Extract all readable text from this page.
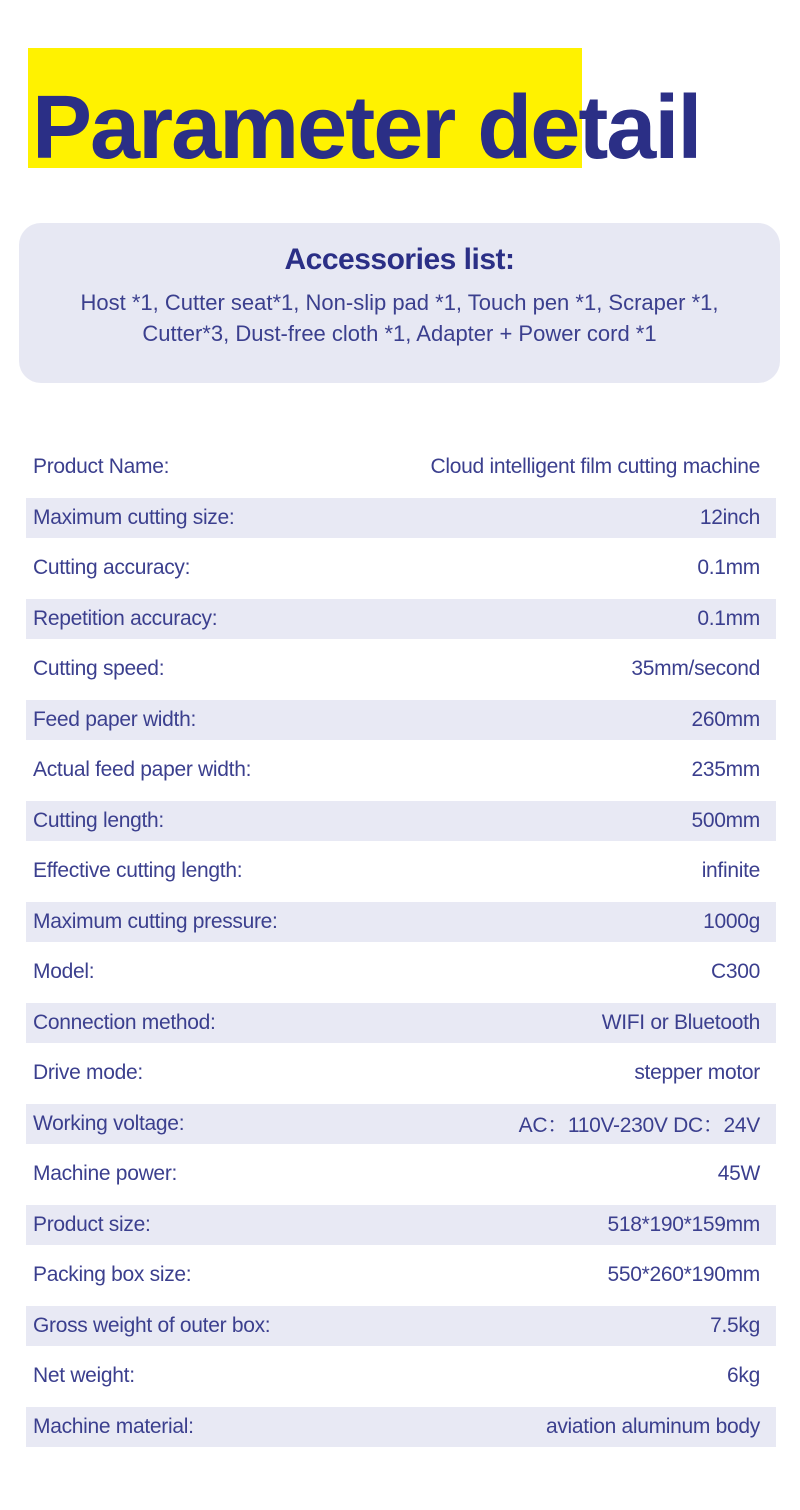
Parameter detail
Accessories list:

Host *1, Cutter seat*1, Non-slip pad *1, Touch pen *1, Scraper *1,
Cutter*3, Dust-free cloth *1, Adapter + Power cord *1

Product Name:	Cloud intelligent film cutting machine
Maximum cutting size:	12inch
Cutting accuracy:	0.1mm
Repetition accuracy:	0.1mm
Cutting speed:	35mm/second
Feed paper width:	260mm
Actual feed paper width:	235mm
Cutting length:	500mm
Effective cutting length:	infinite
Maximum cutting pressure:	1000g
Model:	C300
Connection method:	WIFI or Bluetooth
Drive mode:	stepper motor
Working voltage:	AC：110V-230V DC：24V
Machine power:	45W
Product size:	518*190*159mm
Packing box size:	550*260*190mm
Gross weight of outer box:	7.5kg
Net weight:	6kg
Machine material:	aviation aluminum body
